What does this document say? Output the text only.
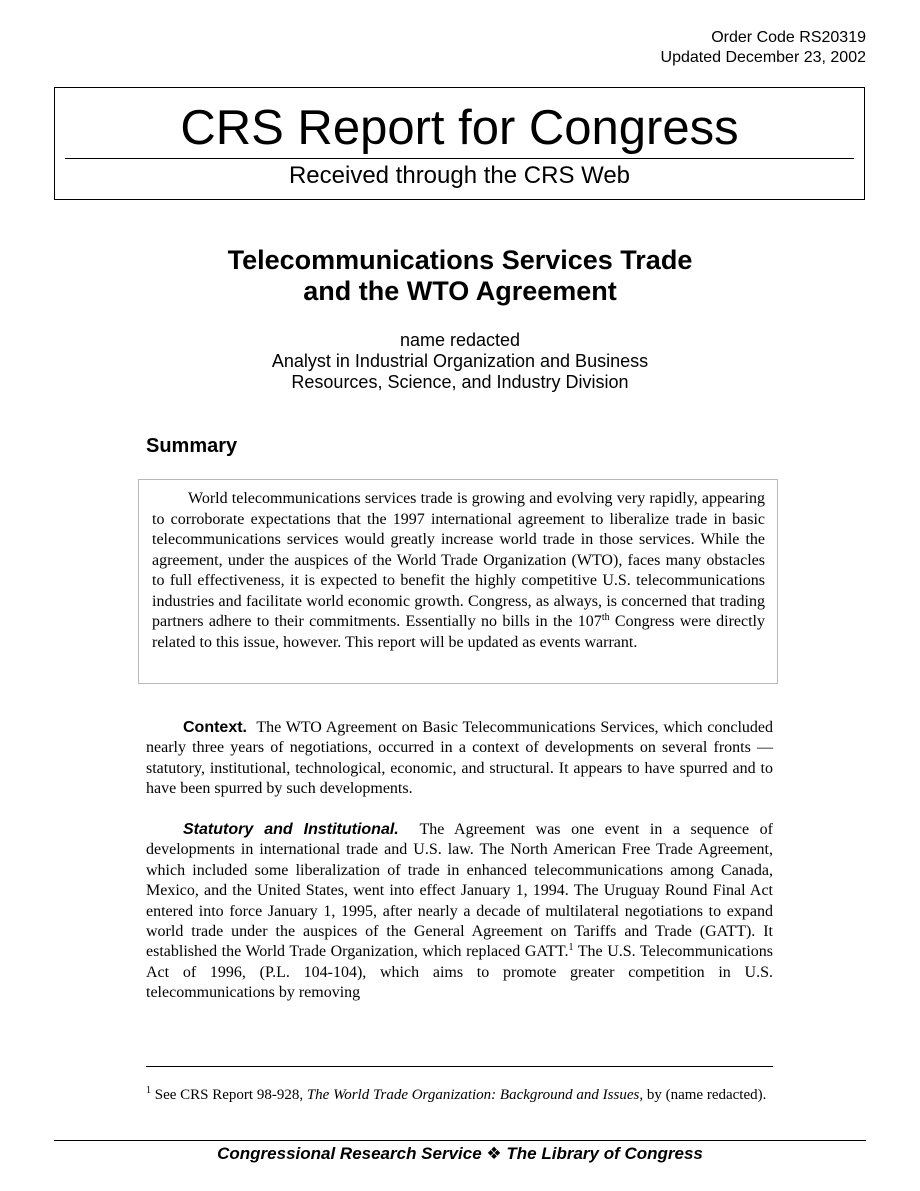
Order Code RS20319
Updated December 23, 2002
CRS Report for Congress
Received through the CRS Web
Telecommunications Services Trade
and the WTO Agreement
name redacted
Analyst in Industrial Organization and Business
Resources, Science, and Industry Division
Summary
World telecommunications services trade is growing and evolving very rapidly, appearing to corroborate expectations that the 1997 international agreement to liberalize trade in basic telecommunications services would greatly increase world trade in those services. While the agreement, under the auspices of the World Trade Organization (WTO), faces many obstacles to full effectiveness, it is expected to benefit the highly competitive U.S. telecommunications industries and facilitate world economic growth. Congress, as always, is concerned that trading partners adhere to their commitments. Essentially no bills in the 107th Congress were directly related to this issue, however. This report will be updated as events warrant.
Context. The WTO Agreement on Basic Telecommunications Services, which concluded nearly three years of negotiations, occurred in a context of developments on several fronts — statutory, institutional, technological, economic, and structural. It appears to have spurred and to have been spurred by such developments.
Statutory and Institutional. The Agreement was one event in a sequence of developments in international trade and U.S. law. The North American Free Trade Agreement, which included some liberalization of trade in enhanced telecommunications among Canada, Mexico, and the United States, went into effect January 1, 1994. The Uruguay Round Final Act entered into force January 1, 1995, after nearly a decade of multilateral negotiations to expand world trade under the auspices of the General Agreement on Tariffs and Trade (GATT). It established the World Trade Organization, which replaced GATT.$^1$ The U.S. Telecommunications Act of 1996, (P.L. 104-104), which aims to promote greater competition in U.S. telecommunications by removing
$^1$ See CRS Report 98-928, The World Trade Organization: Background and Issues, by (name redacted).
Congressional Research Service ❖ The Library of Congress
